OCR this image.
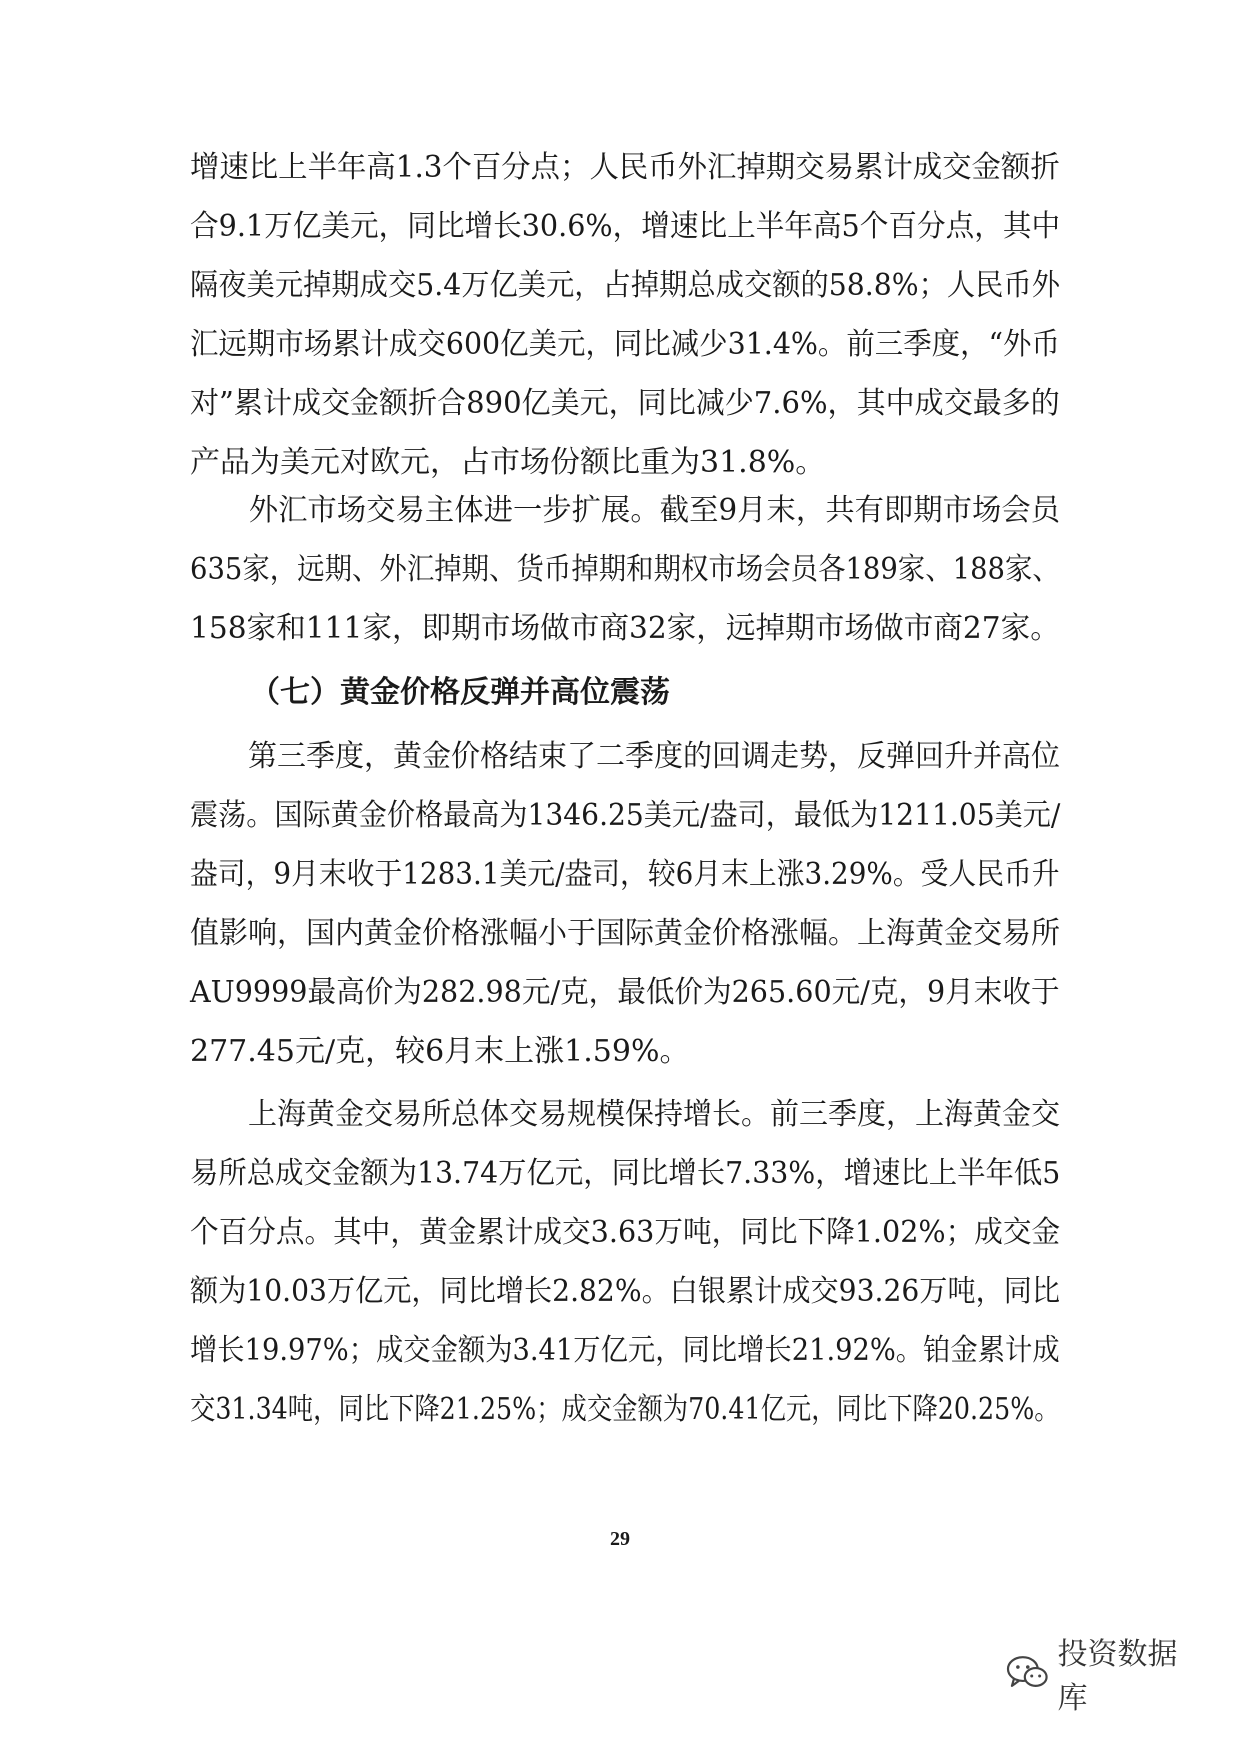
增速比上半年高1.3个百分点；人民币外汇掉期交易累计成交金额折
合9.1万亿美元，同比增长30.6%，增速比上半年高5个百分点，其中
隔夜美元掉期成交5.4万亿美元，占掉期总成交额的58.8%；人民币外
汇远期市场累计成交600亿美元，同比减少31.4%。前三季度，“外币
对”累计成交金额折合890亿美元，同比减少7.6%，其中成交最多的
产品为美元对欧元，占市场份额比重为31.8%。
外汇市场交易主体进一步扩展。截至9月末，共有即期市场会员
635家，远期、外汇掉期、货币掉期和期权市场会员各189家、188家、
158家和111家，即期市场做市商32家，远掉期市场做市商27家。
（七）黄金价格反弹并高位震荡
第三季度，黄金价格结束了二季度的回调走势，反弹回升并高位
震荡。国际黄金价格最高为1346.25美元/盎司，最低为1211.05美元/
盎司，9月末收于1283.1美元/盎司，较6月末上涨3.29%。受人民币升
值影响，国内黄金价格涨幅小于国际黄金价格涨幅。上海黄金交易所
AU9999最高价为282.98元/克，最低价为265.60元/克，9月末收于
277.45元/克，较6月末上涨1.59%。
上海黄金交易所总体交易规模保持增长。前三季度，上海黄金交
易所总成交金额为13.74万亿元，同比增长7.33%，增速比上半年低5
个百分点。其中，黄金累计成交3.63万吨，同比下降1.02%；成交金
额为10.03万亿元，同比增长2.82%。白银累计成交93.26万吨，同比
增长19.97%；成交金额为3.41万亿元，同比增长21.92%。铂金累计成
交31.34吨，同比下降21.25%；成交金额为70.41亿元，同比下降20.25%。
29
投资数据库
